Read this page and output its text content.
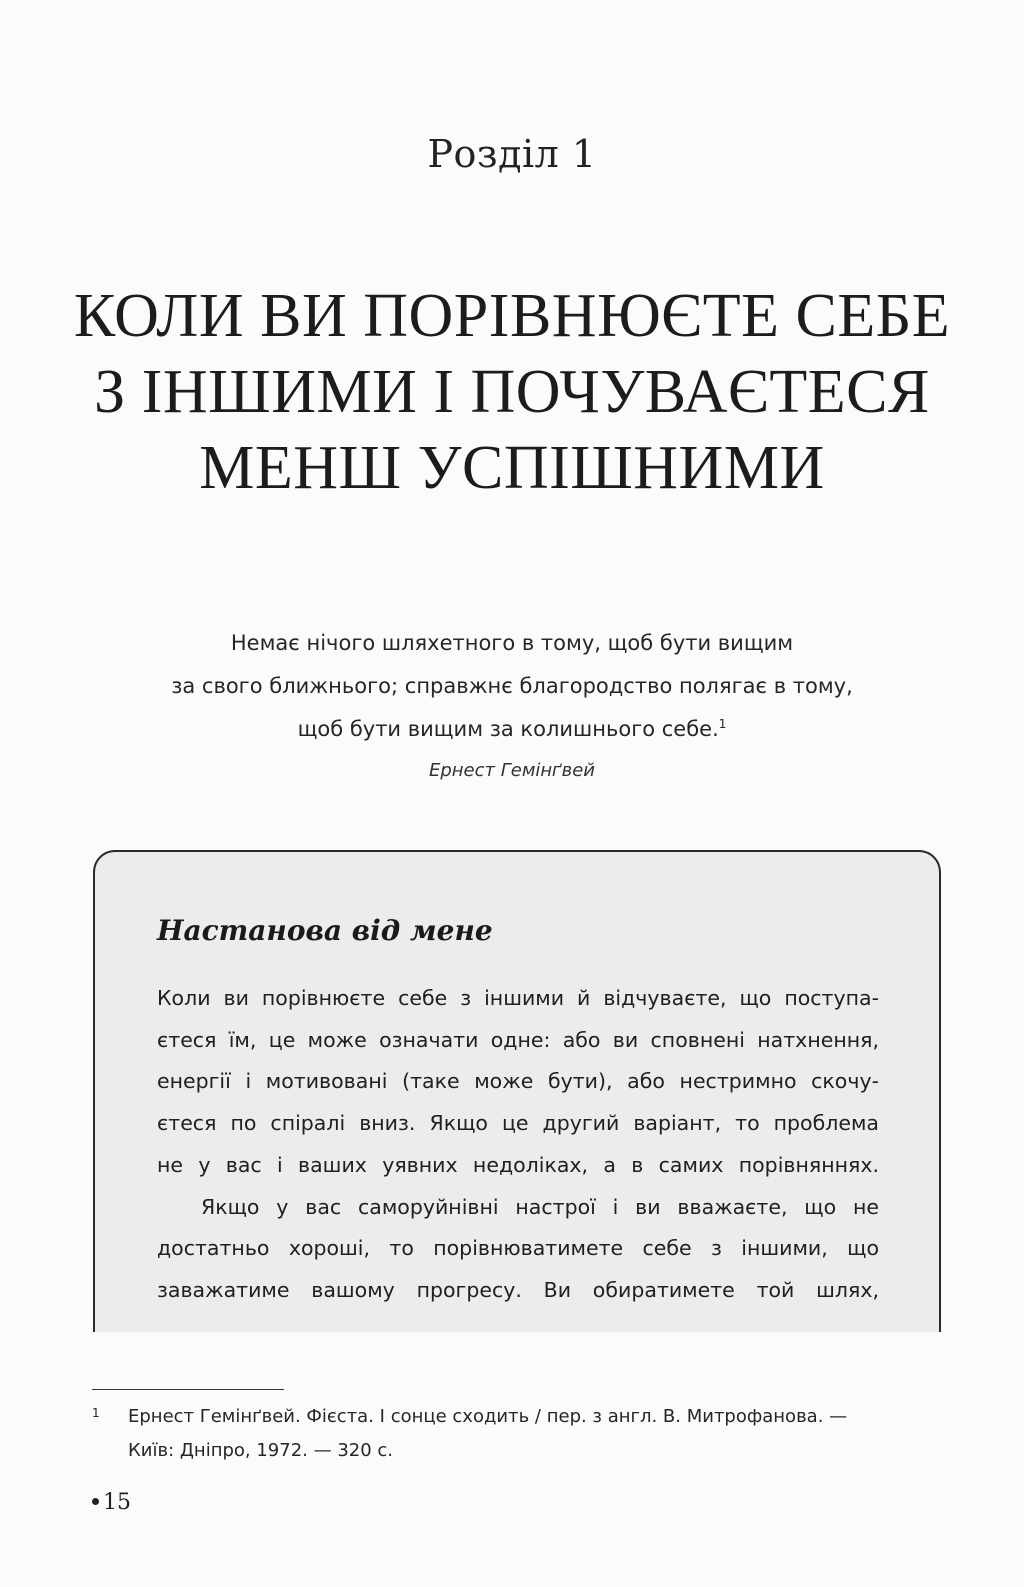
Розділ 1
КОЛИ ВИ ПОРІВНЮЄТЕ СЕБЕ
З ІНШИМИ І ПОЧУВАЄТЕСЯ
МЕНШ УСПІШНИМИ
Немає нічого шляхетного в тому, щоб бути вищим
за свого ближнього; справжнє благородство полягає в тому,
щоб бути вищим за колишнього себе.$^1$
Ернест Гемінґвей
Настанова від мене
Коли ви порівнюєте себе з іншими й відчуваєте, що поступа-
єтеся їм, це може означати одне: або ви сповнені натхнення,
енергії і мотивовані (таке може бути), або нестримно скочу-
єтеся по спіралі вниз. Якщо це другий варіант, то проблема
не у вас і ваших уявних недоліках, а в самих порівняннях.
Якщо у вас саморуйнівні настрої і ви вважаєте, що не
достатньо хороші, то порівнюватимете себе з іншими, що
заважатиме вашому прогресу. Ви обиратимете той шлях,
1 Ернест Гемінґвей. Фієста. І сонце сходить / пер. з англ. В. Митрофанова. —
Київ: Дніпро, 1972. — 320 с.
15
